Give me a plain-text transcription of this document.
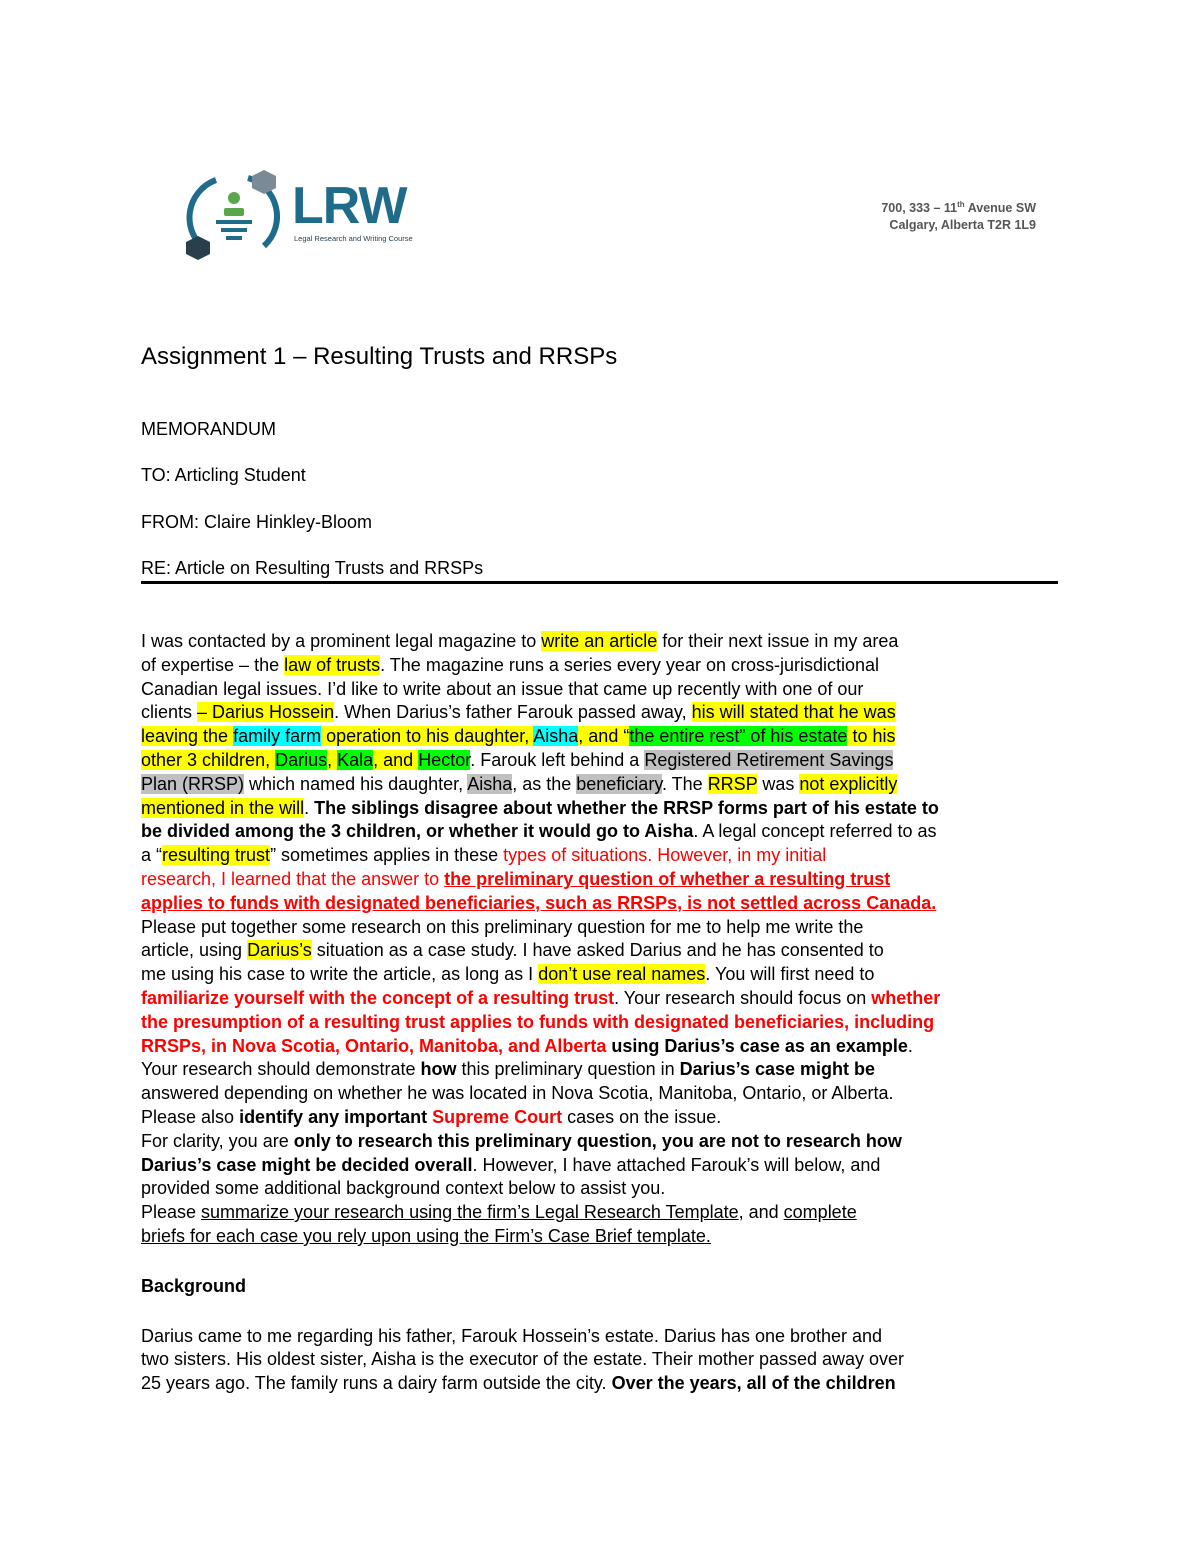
LRW
Legal Research and Writing Course
700, 333 – 11th Avenue SW
Calgary, Alberta T2R 1L9
Assignment 1 – Resulting Trusts and RRSPs
MEMORANDUM
TO: Articling Student
FROM: Claire Hinkley-Bloom
RE: Article on Resulting Trusts and RRSPs

I was contacted by a prominent legal magazine to write an article for their next issue in my area
of expertise – the law of trusts. The magazine runs a series every year on cross-jurisdictional
Canadian legal issues. I’d like to write about an issue that came up recently with one of our
clients – Darius Hossein. When Darius’s father Farouk passed away, his will stated that he was
leaving the family farm operation to his daughter, Aisha, and “the entire rest” of his estate to his
other 3 children, Darius, Kala, and Hector. Farouk left behind a Registered Retirement Savings
Plan (RRSP) which named his daughter, Aisha, as the beneficiary. The RRSP was not explicitly
mentioned in the will. The siblings disagree about whether the RRSP forms part of his estate to
be divided among the 3 children, or whether it would go to Aisha. A legal concept referred to as
a “resulting trust” sometimes applies in these types of situations. However, in my initial
research, I learned that the answer to the preliminary question of whether a resulting trust
applies to funds with designated beneficiaries, such as RRSPs, is not settled across Canada.
Please put together some research on this preliminary question for me to help me write the
article, using Darius’s situation as a case study. I have asked Darius and he has consented to
me using his case to write the article, as long as I don’t use real names. You will first need to
familiarize yourself with the concept of a resulting trust. Your research should focus on whether
the presumption of a resulting trust applies to funds with designated beneficiaries, including
RRSPs, in Nova Scotia, Ontario, Manitoba, and Alberta using Darius’s case as an example.
Your research should demonstrate how this preliminary question in Darius’s case might be
answered depending on whether he was located in Nova Scotia, Manitoba, Ontario, or Alberta.
Please also identify any important Supreme Court cases on the issue.
For clarity, you are only to research this preliminary question, you are not to research how
Darius’s case might be decided overall. However, I have attached Farouk’s will below, and
provided some additional background context below to assist you.
Please summarize your research using the firm’s Legal Research Template, and complete
briefs for each case you rely upon using the Firm’s Case Brief template.

Background

Darius came to me regarding his father, Farouk Hossein’s estate. Darius has one brother and
two sisters. His oldest sister, Aisha is the executor of the estate. Their mother passed away over
25 years ago. The family runs a dairy farm outside the city. Over the years, all of the children
